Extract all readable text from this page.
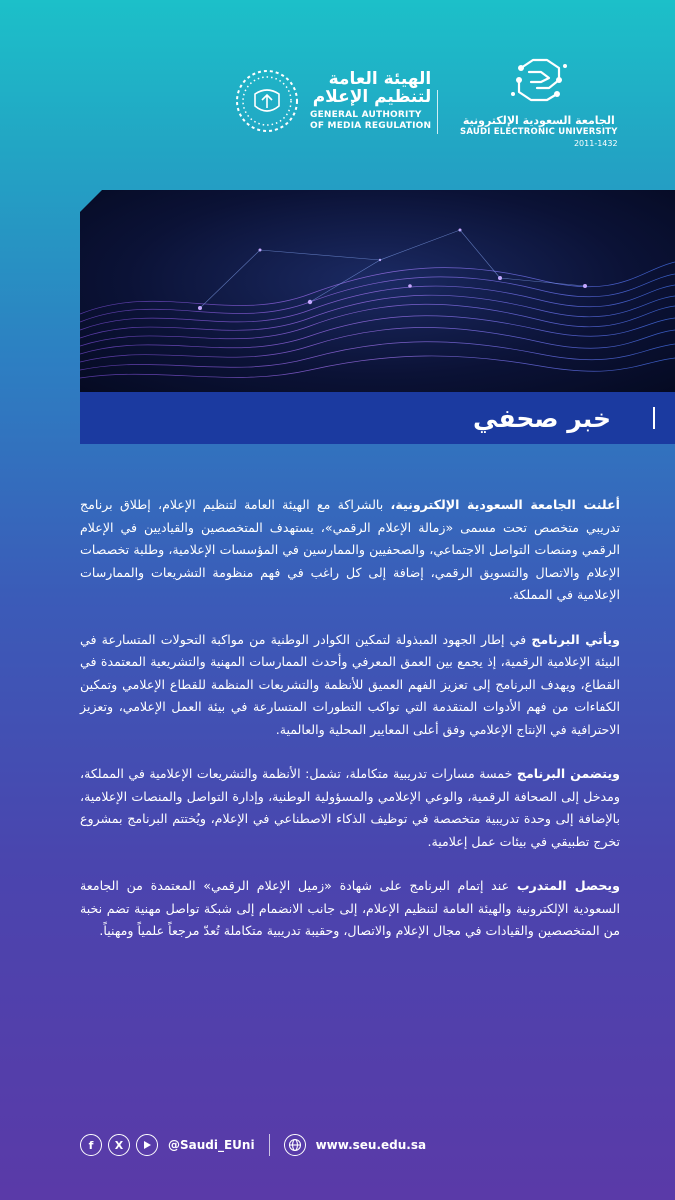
الهيئة العامة
لتنظيم الإعلام
GENERAL AUTHORITY
OF MEDIA REGULATION	الجامعة السعودية الإلكترونية
SAUDI ELECTRONIC UNIVERSITY
2011-1432
خبر صحفي

أعلنت الجامعة السعودية الإلكترونية، بالشراكة مع الهيئة العامة لتنظيم الإعلام، إطلاق برنامج تدريبي متخصص تحت مسمى «زمالة الإعلام الرقمي»، يستهدف المتخصصين والقياديين في الإعلام الرقمي ومنصات التواصل الاجتماعي، والصحفيين والممارسين في المؤسسات الإعلامية، وطلبة تخصصات الإعلام والاتصال والتسويق الرقمي، إضافة إلى كل راغب في فهم منظومة التشريعات والممارسات الإعلامية في المملكة.

ويأتي البرنامج في إطار الجهود المبذولة لتمكين الكوادر الوطنية من مواكبة التحولات المتسارعة في البيئة الإعلامية الرقمية، إذ يجمع بين العمق المعرفي وأحدث الممارسات المهنية والتشريعية المعتمدة في القطاع، ويهدف البرنامج إلى تعزيز الفهم العميق للأنظمة والتشريعات المنظمة للقطاع الإعلامي وتمكين الكفاءات من فهم الأدوات المتقدمة التي تواكب التطورات المتسارعة في بيئة العمل الإعلامي، وتعزيز الاحترافية في الإنتاج الإعلامي وفق أعلى المعايير المحلية والعالمية.

ويتضمن البرنامج خمسة مسارات تدريبية متكاملة، تشمل: الأنظمة والتشريعات الإعلامية في المملكة، ومدخل إلى الصحافة الرقمية، والوعي الإعلامي والمسؤولية الوطنية، وإدارة التواصل والمنصات الإعلامية، بالإضافة إلى وحدة تدريبية متخصصة في توظيف الذكاء الاصطناعي في الإعلام، ويُختتم البرنامج بمشروع تخرج تطبيقي في بيئات عمل إعلامية.

ويحصل المتدرب عند إتمام البرنامج على شهادة «زميل الإعلام الرقمي» المعتمدة من الجامعة السعودية الإلكترونية والهيئة العامة لتنظيم الإعلام، إلى جانب الانضمام إلى شبكة تواصل مهنية تضم نخبة من المتخصصين والقيادات في مجال الإعلام والاتصال، وحقيبة تدريبية متكاملة تُعدّ مرجعاً علمياً ومهنياً.

f	X	@Saudi_EUni	www.seu.edu.sa
